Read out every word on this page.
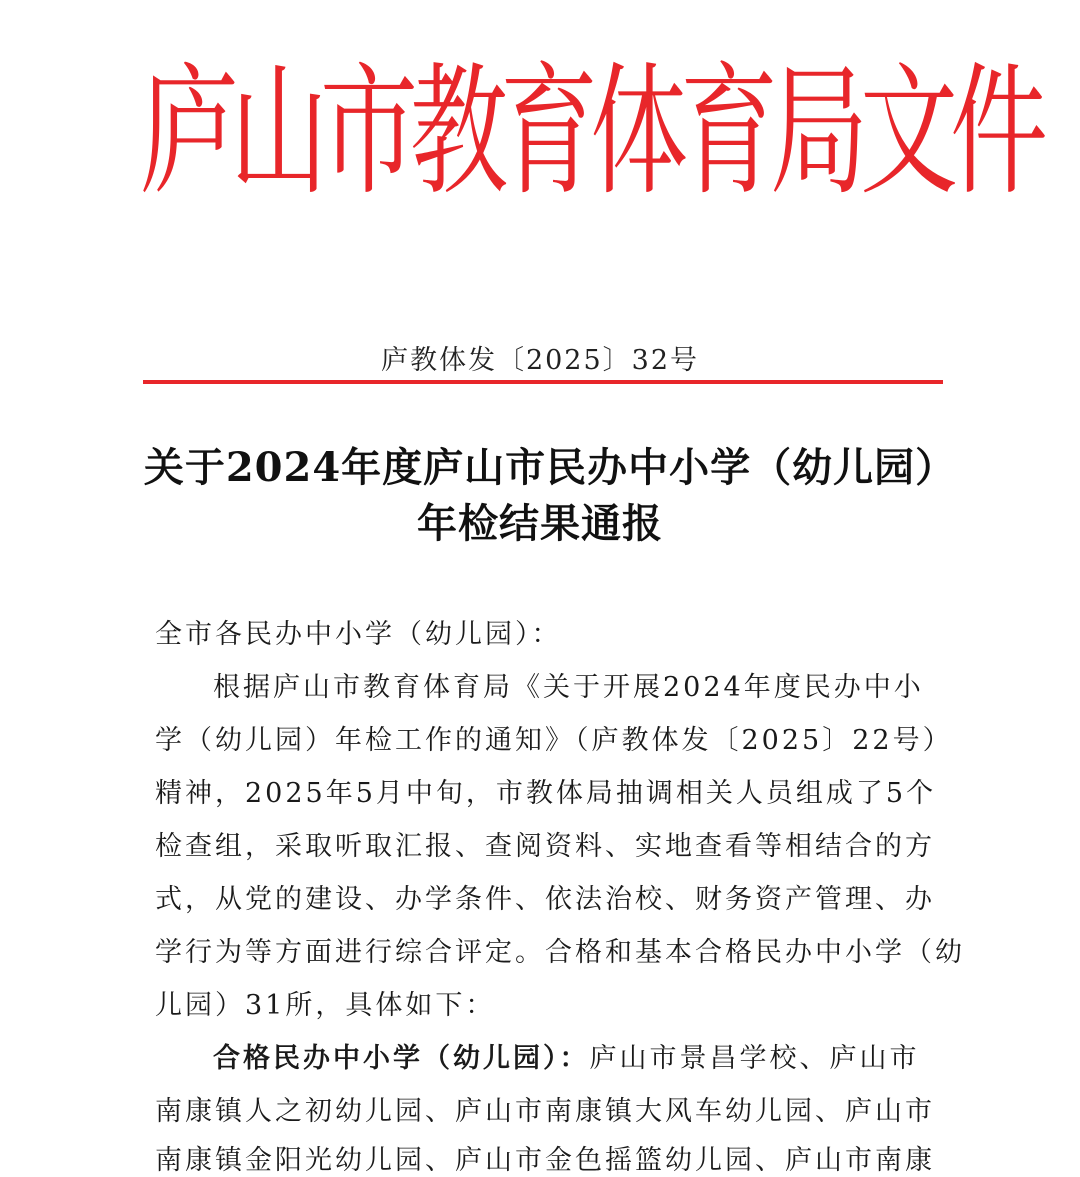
庐山市教育体育局文件
庐教体发〔2025〕32号
关于2024年度庐山市民办中小学（幼儿园）
年检结果通报
全市各民办中小学（幼儿园）：
根据庐山市教育体育局《关于开展2024年度民办中小
学（幼儿园）年检工作的通知》（庐教体发〔2025〕22号）
精神，2025年5月中旬，市教体局抽调相关人员组成了5个
检查组，采取听取汇报、查阅资料、实地查看等相结合的方
式，从党的建设、办学条件、依法治校、财务资产管理、办
学行为等方面进行综合评定。合格和基本合格民办中小学（幼
儿园）31所，具体如下：
合格民办中小学（幼儿园）：庐山市景昌学校、庐山市
南康镇人之初幼儿园、庐山市南康镇大风车幼儿园、庐山市
南康镇金阳光幼儿园、庐山市金色摇篮幼儿园、庐山市南康
